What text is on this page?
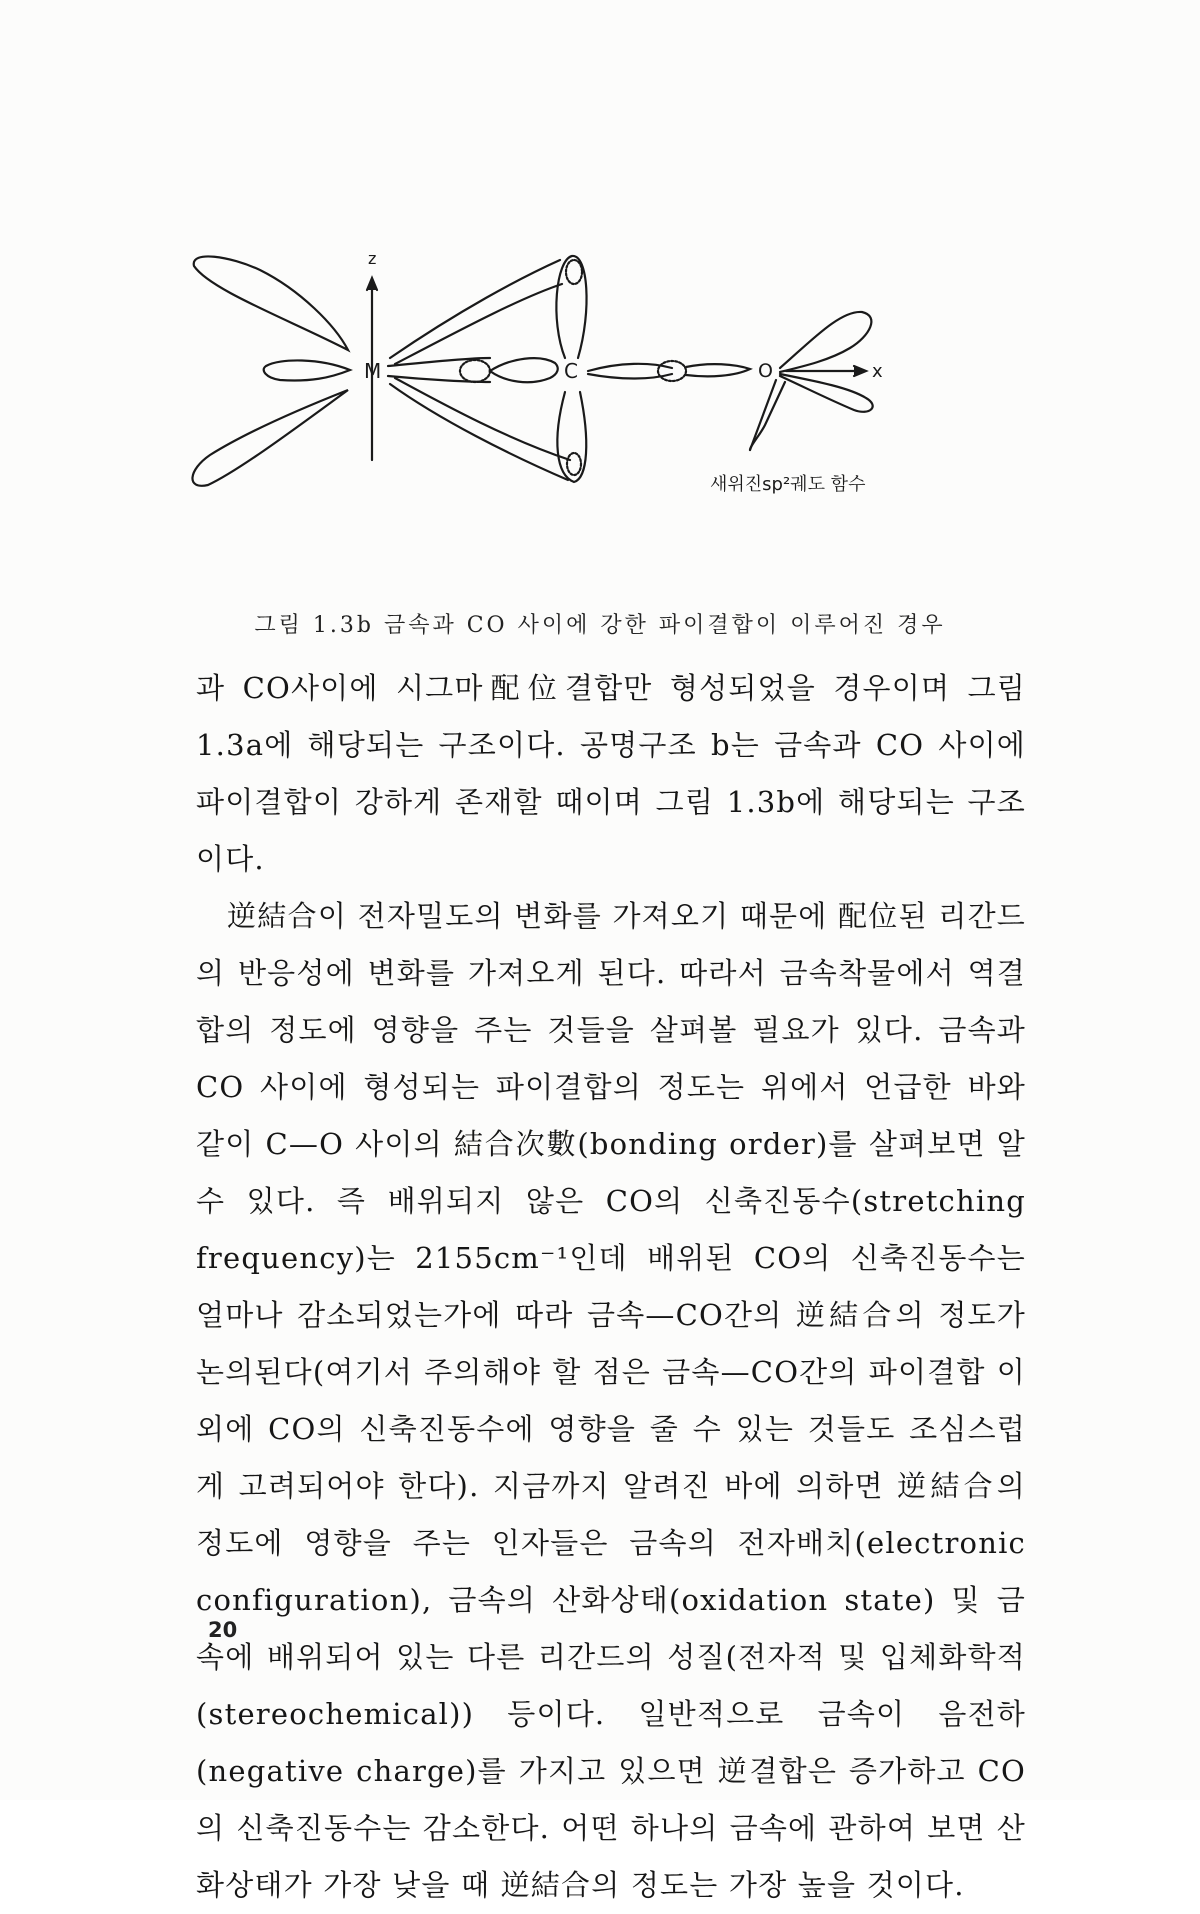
z
x
M	C	O
새위진sp²궤도 함수
그림 1.3b 금속과 CO 사이에 강한 파이결합이 이루어진 경우

과 CO사이에 시그마配位결합만 형성되었을 경우이며 그림 1.3a에 해당되는 구조이다. 공명구조 b는 금속과 CO 사이에 파이결합이 강하게 존재할 때이며 그림 1.3b에 해당되는 구조이다.

逆結合이 전자밀도의 변화를 가져오기 때문에 配位된 리간드의 반응성에 변화를 가져오게 된다. 따라서 금속착물에서 역결합의 정도에 영향을 주는 것들을 살펴볼 필요가 있다. 금속과 CO 사이에 형성되는 파이결합의 정도는 위에서 언급한 바와 같이 C—O 사이의 結合次數(bonding order)를 살펴보면 알 수 있다. 즉 배위되지 않은 CO의 신축진동수(stretching frequency)는 2155cm⁻¹인데 배위된 CO의 신축진동수는 얼마나 감소되었는가에 따라 금속—CO간의 逆結合의 정도가 논의된다(여기서 주의해야 할 점은 금속—CO간의 파이결합 이외에 CO의 신축진동수에 영향을 줄 수 있는 것들도 조심스럽게 고려되어야 한다). 지금까지 알려진 바에 의하면 逆結合의 정도에 영향을 주는 인자들은 금속의 전자배치(electronic configuration), 금속의 산화상태(oxidation state) 및 금속에 배위되어 있는 다른 리간드의 성질(전자적 및 입체화학적(stereochemical)) 등이다. 일반적으로 금속이 음전하(negative charge)를 가지고 있으면 逆결합은 증가하고 CO의 신축진동수는 감소한다. 어떤 하나의 금속에 관하여 보면 산화상태가 가장 낮을 때 逆結合의 정도는 가장 높을 것이다.

20
